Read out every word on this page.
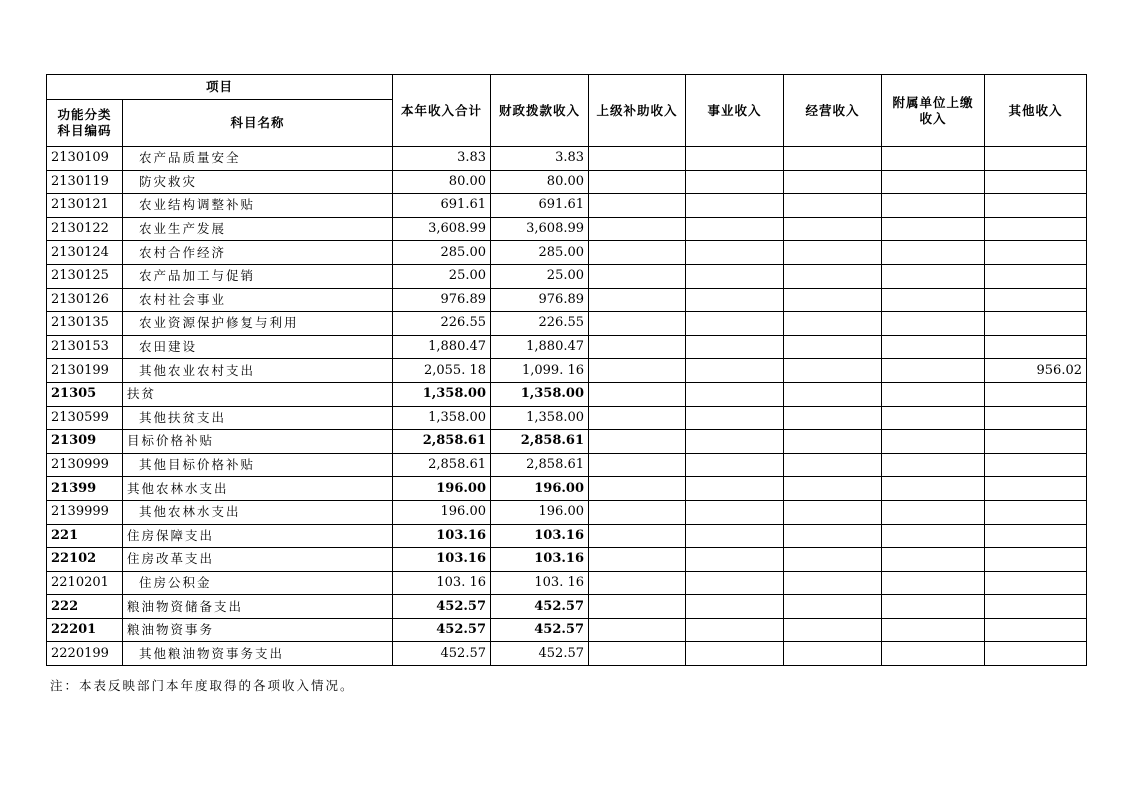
项目		本年收入合计	财政拨款收入	上级补助收入	事业收入	经营收入	附属单位上缴收入	其他收入
功能分类科目编码	科目名称							
2130109	农产品质量安全	3.83	3.83					
2130119	防灾救灾	80.00	80.00					
2130121	农业结构调整补贴	691.61	691.61					
2130122	农业生产发展	3,608.99	3,608.99					
2130124	农村合作经济	285.00	285.00					
2130125	农产品加工与促销	25.00	25.00					
2130126	农村社会事业	976.89	976.89					
2130135	农业资源保护修复与利用	226.55	226.55					
2130153	农田建设	1,880.47	1,880.47					
2130199	其他农业农村支出	2,055. 18	1,099. 16					956.02
21305	扶贫	1,358.00	1,358.00					
2130599	其他扶贫支出	1,358.00	1,358.00					
21309	目标价格补贴	2,858.61	2,858.61					
2130999	其他目标价格补贴	2,858.61	2,858.61					
21399	其他农林水支出	196.00	196.00					
2139999	其他农林水支出	196.00	196.00					
221	住房保障支出	103.16	103.16					
22102	住房改革支出	103.16	103.16					
2210201	住房公积金	103. 16	103. 16					
222	粮油物资储备支出	452.57	452.57					
22201	粮油物资事务	452.57	452.57					
2220199	其他粮油物资事务支出	452.57	452.57					
注：本表反映部门本年度取得的各项收入情况。
